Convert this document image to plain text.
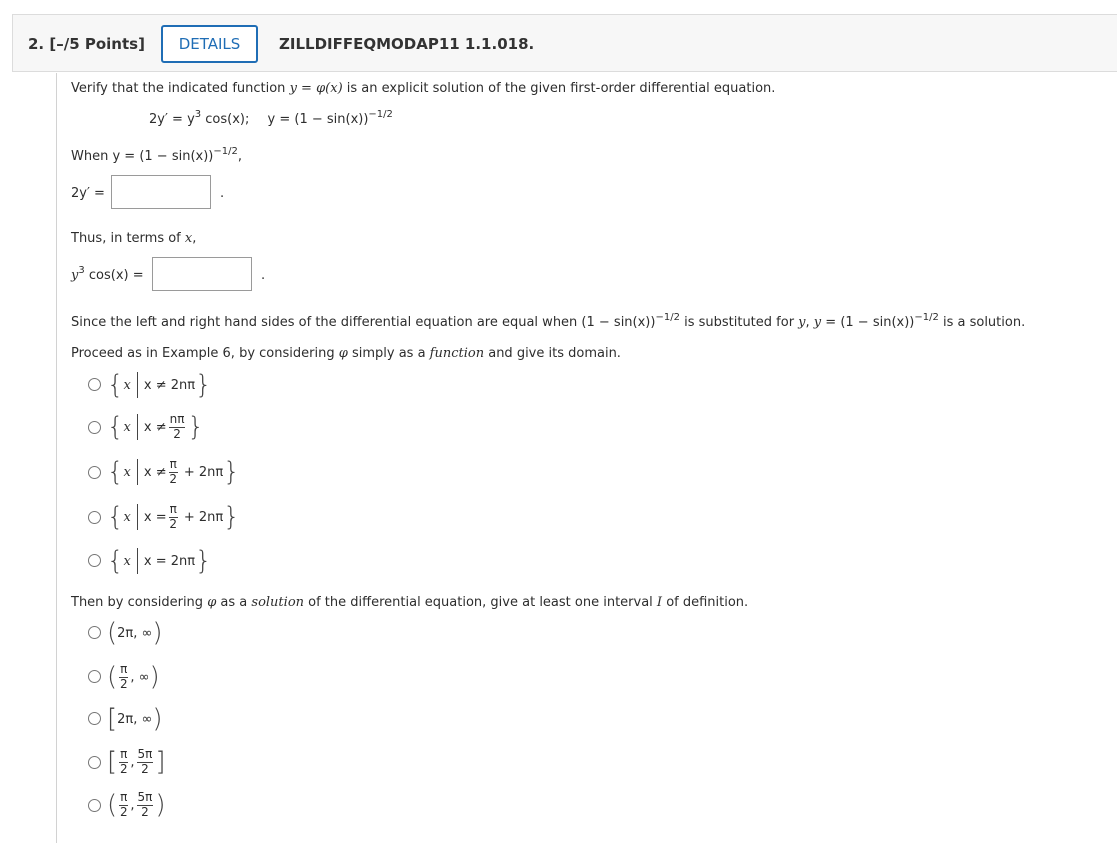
2. [–/5 Points]	DETAILS	ZILLDIFFEQMODAP11 1.1.018.
Verify that the indicated function y = φ(x) is an explicit solution of the given first-order differential equation.
$2y' = y^3$ cos(x); $y = (1 - \sin(x))^{-1/2}$
When $y = (1 - \sin(x))^{-1/2}$,
2y′ =	.
Thus, in terms of x,
$y^3$ cos(x) =	.
Since the left and right hand sides of the differential equation are equal when $(1 - \sin(x))^{-1/2}$ is substituted for y, $y = (1 - \sin(x))^{-1/2}$ is a solution.
Proceed as in Example 6, by considering φ simply as a function and give its domain.
{ x x ≠ 2nπ }
{ x $x \ne \frac{n\pi}{2}$ }
{ x $x \ne \frac{\pi}{2} + 2n\pi$ }
{ x $x = \frac{\pi}{2} + 2n\pi$ }
{ x x = 2nπ }
Then by considering φ as a solution of the differential equation, give at least one interval I of definition.
( 2π, ∞ )
( $\frac{\pi}{2}$ , ∞ )
[ 2π, ∞ )
[ $\frac{\pi}{2}$ , $\frac{5\pi}{2}$ ]
( $\frac{\pi}{2}$ , $\frac{5\pi}{2}$ )
